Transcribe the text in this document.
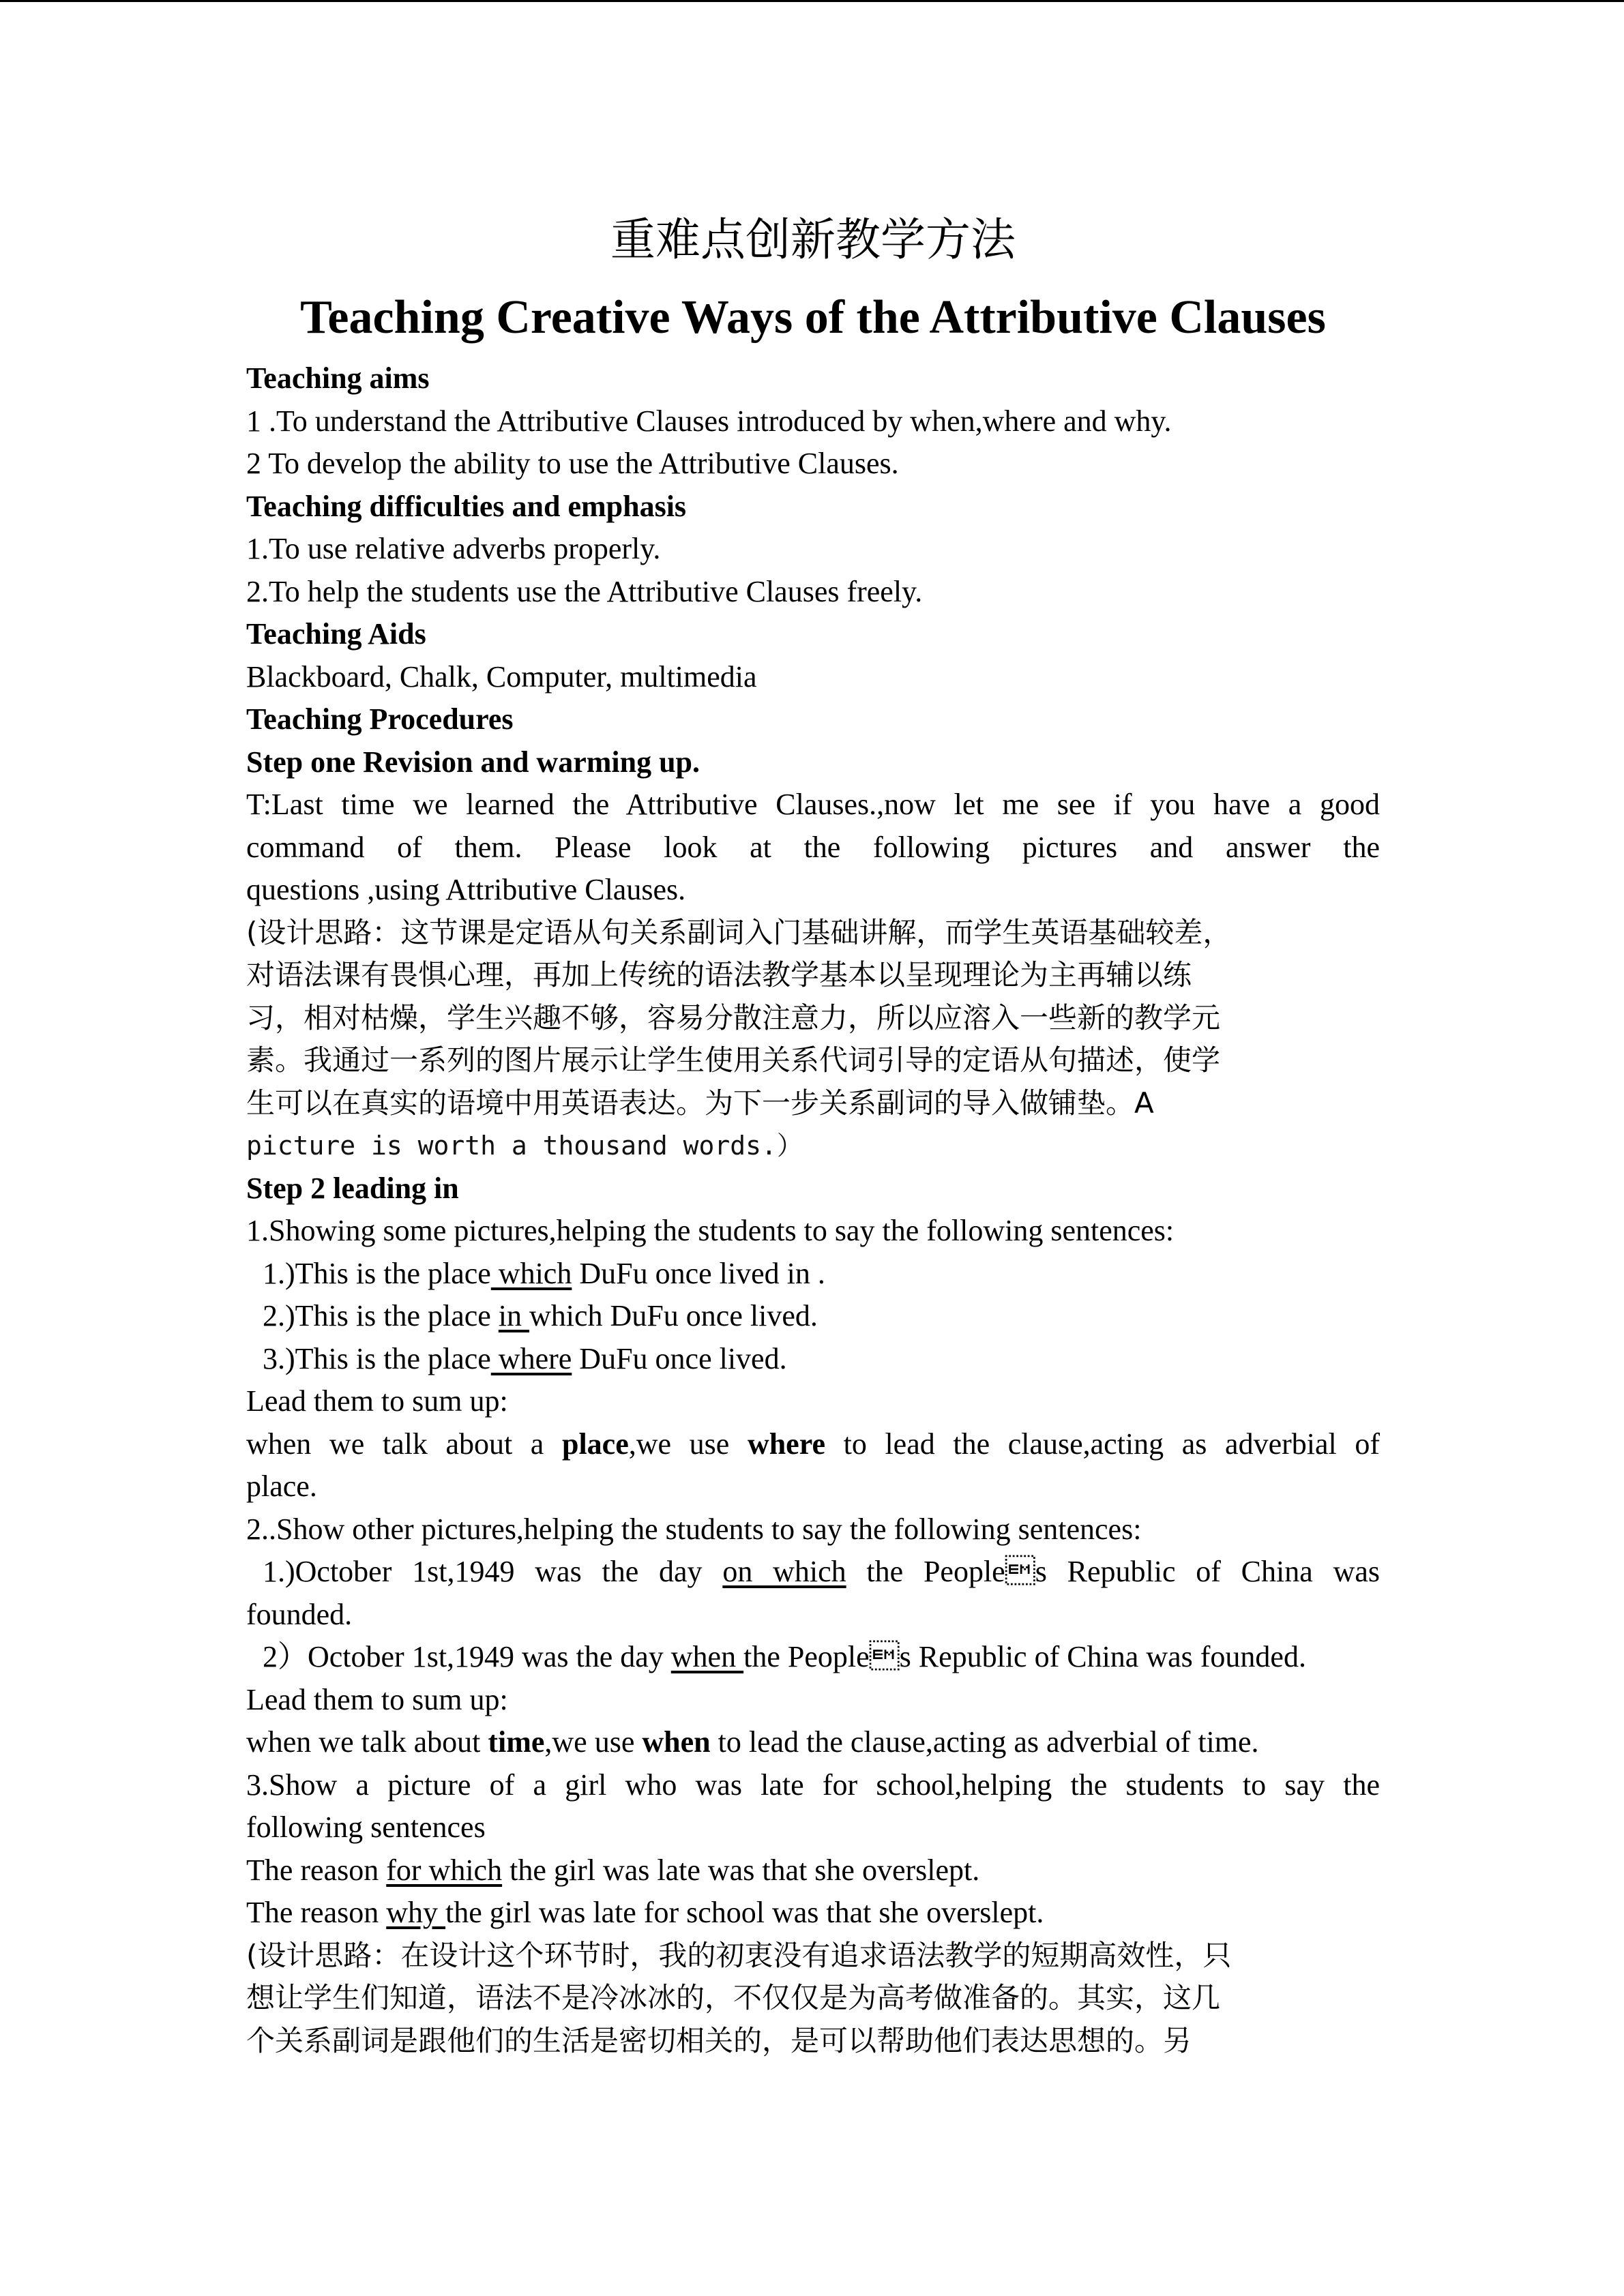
重难点创新教学方法
Teaching Creative Ways of the Attributive Clauses
Teaching aims
1 .To understand the Attributive Clauses introduced by when,where and why.
2 To develop the ability to use the Attributive Clauses.
Teaching difficulties and emphasis
1.To use relative adverbs properly.
2.To help the students use the Attributive Clauses freely.
Teaching Aids
Blackboard, Chalk, Computer, multimedia
Teaching Procedures
Step one Revision and warming up.
T:Last time we learned the Attributive Clauses.,now let me see if you have a good
command of them. Please look at the following pictures and answer the
questions ,using Attributive Clauses.
(设计思路：这节课是定语从句关系副词入门基础讲解，而学生英语基础较差，
对语法课有畏惧心理，再加上传统的语法教学基本以呈现理论为主再辅以练
习，相对枯燥，学生兴趣不够，容易分散注意力，所以应溶入一些新的教学元
素。我通过一系列的图片展示让学生使用关系代词引导的定语从句描述，使学
生可以在真实的语境中用英语表达。为下一步关系副词的导入做铺垫。A
picture is worth a thousand words.）
Step 2 leading in
1.Showing some pictures,helping the students to say the following sentences:
1.)This is the place which DuFu once lived in .
2.)This is the place in which DuFu once lived.
3.)This is the place where DuFu once lived.
Lead them to sum up:
when we talk about a place,we use where to lead the clause,acting as adverbial of
place.
2..Show other pictures,helping the students to say the following sentences:
1.)October 1st,1949 was the day on which the Peoples Republic of China was
founded.
2）October 1st,1949 was the day when the Peoples Republic of China was founded.
Lead them to sum up:
when we talk about time,we use when to lead the clause,acting as adverbial of time.
3.Show a picture of a girl who was late for school,helping the students to say the
following sentences
The reason for which the girl was late was that she overslept.
The reason why the girl was late for school was that she overslept.
(设计思路：在设计这个环节时，我的初衷没有追求语法教学的短期高效性，只
想让学生们知道，语法不是冷冰冰的，不仅仅是为高考做准备的。其实，这几
个关系副词是跟他们的生活是密切相关的，是可以帮助他们表达思想的。另
